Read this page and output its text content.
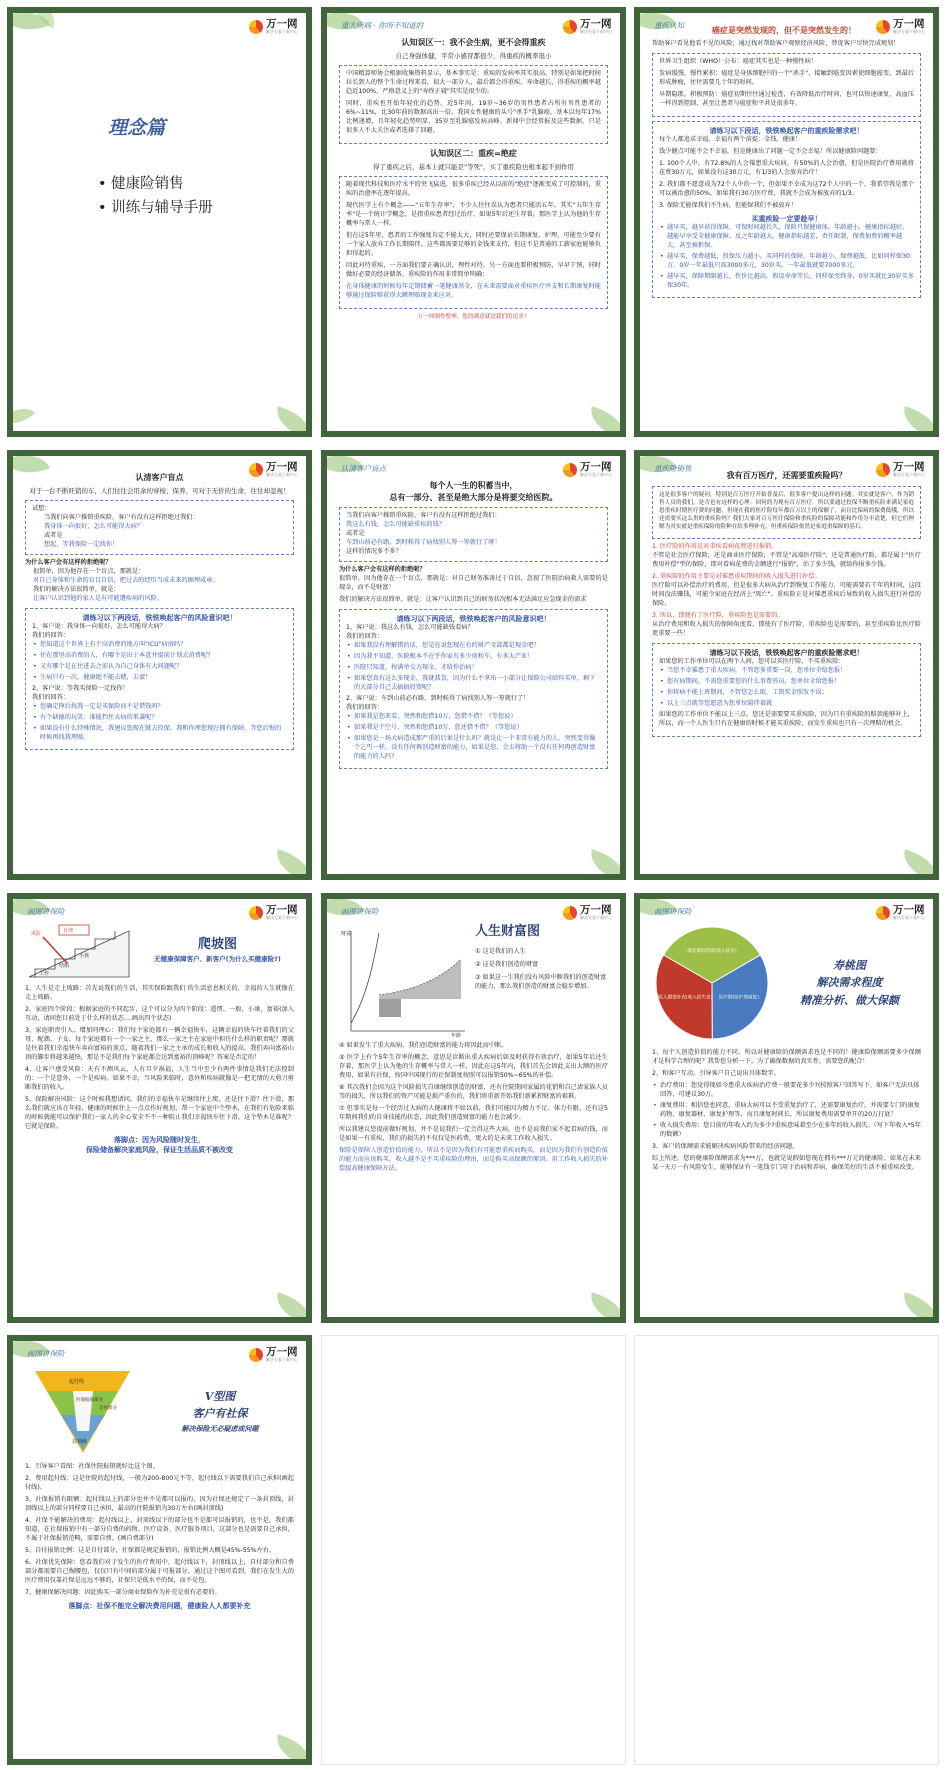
万一网
解决方案下载中心
理念篇
• 健康险销售
• 训练与辅导手册
重大疾病 · 你所不知道的	万一网
解决方案下载中心
认知误区一：我不会生病，更不会得重疾
自己身强体健，平常小感冒都很少，得重疾的概率很小
中国精算师协会根据收集资料显示，基本事实是：重疾的发病率其实很高。特别是如果把时间拉长到人的整个生命过程来看，很大一部分人，最后都会得重疾，寿命越长，得重疾的概率越趋近100%，严格意义上的"寿终正寝"其实是很少的。
同时，重疾也开始年轻化的趋势。近5年间，19岁~36岁的男性患者占所有男性患者的6%~11%，比30年前的数据高出一倍。我国女性健康的头号"杀手"乳腺癌，基本以每年17%比例递增，且年轻化趋势明显，35岁至乳腺癌发病高峰。新闻中会经常报及这些数据，只是很多人不太关注或者选择了回避。
认知误区二：重疾=绝症
得了重疾之后，基本上就只能是"等死"，买了重疾险也根本起不到作用
随着现代科技和医疗水平的突飞猛进，很多重疾已经从以前的"绝症"逐渐变成了可控制的，重疾的治愈率在逐年提高。
现代医学上有个概念——"五年生存率"，不少人往往误认为患者只能活五年，其实"五年生存率"是一个统计学概念，是指重疾患者经过治疗，如果5年后还生存着，那医学上认为他的生存概率与常人一样。
但在这5年里，患者的工作强度肯定不能太大，同时还要保证长期康复、护理，可能至少要有一个家人放弃工作长期陪伴。这些都需要足够的金钱来支持，但这不是普通的工薪家庭能够负担得起的。
因此对待重疾，一方面我们要正确认识，理性对待，另一方面也要积极预防，早早干预，同时做好必要的经济储备。重疾险的作用非常简单明确：
在身体健康的时候每年定期储蓄一笔健康基金，在未来需要面对重疾医疗并支和长期康复时能够通过保险赔获得大额理赔现金来应对。
万一网制作整理，您的满意就是我们的追求！
重疾认知	万一网
解决方案下载中心
癌症是突然发现的，但不是突然发生的！
帮助客户看见他看不见的风险，通过找对帮助客户观察经济风险，替促客户尽快完成规划！
世界卫生组织（WHO）公布：癌症其实也是一种慢性病！
发病缓慢，慢性累积：癌症是身体细胞中的一个"杀手"，接触到癌变因素使细胞癌变，到最后形成肿瘤，往往需要几十年的时间。
早期隐匿，积极预防：癌症初期往往通过检查，有效降低治疗时间，也可以快速康复、高血压一样得到控制，甚至让患者与癌症和平共处很多年。
请练习以下段话，铁铁唤起客户的重疾险需求吧！
每个人都追求幸福，幸福有两个前提：金钱、健康！
钱少健点可能不会不幸福，但是健康出了问题一定不会幸福！所以健康险问题要：
1. 100个人中，有72.8%的人会罹患重大疾病，有50%的人会治愈，但是医院治疗费用就将花费30万元，如果没有这30万元，有1/3的人会放弃治疗！
2. 我们都不愿意成为72个人中的一个，但如果不幸成为这72个人中的一个，我希望我是那个可以被治愈的50%，如果我有30万医疗费，我就不会成为被放弃的1/3。
3. 保险无能保我们不生病，但能保我们不被放弃！
买重疾险一定要趁早！
• 越早买，越早获得保障，可保时间越长久，保险只保健康体，年龄越小，健康指标越好，越能早享受全健康保障。反之年龄越大，健康指标越差，责任限制，保费加费的概率越大，甚至被拒保。
• 越早买，保费越低，投保压力越小。买同样的保障，年龄越小，保费越低，比如同样保30万，0岁一年最低只需3000多元，30岁买，一年最低就要7000多元。
• 越早买，保障期限越长，性价比越高。假设寿命等长，同样保至终身，0岁买就比30岁买多保30年。
万一网
解决方案下载中心
认清客户盲点
对于一台不断旺销的车，人们往往会用余的穿梭、保养、可对于无价的生命，往往却忽视！
试想：
当我们向客户推销重疾险，客户有没有这样拒绝过我们：
我身体一向很好，怎么可能得大病？
或者是
想起，等我保险一定找你！
为什么客户会有这样的拒绝呢？
很简单，因为他存在一个盲点，那就是：
对自己身体和生命的盲目自信，把过去的经历当成未来的顾理成章。
我们的解决方法很简单，就是：
让客户认识到他的家人是有可能遭疾病的风险。
请练习以下两段话，铁铁唤起客户的风险意识吧！
1、客户说：我身体一向很好，怎么可能得大病？
我们的回答：
• 您知道这个世界上有个高消费的地方叫"ICU"病房吗？
• 住在那里高消费的人，有哪个是出于本意并提前计划去消费呢？
• 又有哪个是在住进去之前认为自己身体有大问题呢？
• 生病只有一次，健康绝不能去赌，去蒙！
2、客户说：等我买保险一定找你！
我们的回答：
• 您确定挣后找我一定是买保险而不是借钱吗？
• 有个缺德的玩笑：谁能挡往大病的来袭呢？
• 如果没有什么特殊情况，我建议您现在就去投保，我和你理您现在拥有保障，等您后悔的时候再找我理赔。
认清客户盲点	万一网
解决方案下载中心
每个人一生的积蓄当中，
总有一部分、甚至是绝大部分是将要交给医院。
当我们向客户推销重疾险，客户有没有这样拒绝过我们：
我这么有钱，怎么可能缺重疾的钱？
或者是
车到山前必有路，到时候得了病找别人筹一筹就行了呀！
这样的情况多不多？
为什么客户会有这样的拒绝呢？
很简单，因为他存在一个盲点，那就是：对自己财务准备过于自信，忽视了医院治病救人需要的是现金，而不是财富！
我们的解决方法很简单，就是：让客户认识到自己的财务状况根本无法满足应急现金的需求
请练习以下两段话，铁铁唤起客户的风险意识吧！
1、客户说：我这么有钱，怎么可能缺钱看病？
我们的回答：
• 如果我没有理解错的话，您是在说您现在有的财产全部都是现金吧？
• 因为我不知道，医院根本不在乎你家有多少房和车，有多大产业！
• 医院只知道，按满单交方现金，才给你治病！
• 如果您真有这么多现金，我就恭喜，因为什么不拿出一小部分让保险公司给你买单，剩下的大部分自己去搞搞投资呢？
2、客户说：车到山前必有路，到时候得了病找别人筹一筹就行了！
我们的回答：
• 如果我是您来看，突然和您借10万，您借不借？（等您说）
• 如果我是个空号，突然和您借10万，您还借不借？（等您说）
• 如果您是一场大病造成那严重的后果是什么吗？就是让一个非常有能力的人，突然变得像个乞丐一样，没有任何再创造财富的能力，如果是您，会去将助一个没有任何再创造财富的能力的人吗？
重疾险销售	万一网
解决方案下载中心
我有百万医疗，还需要重疾险吗？
这是很多客户的疑问，特别是百万医疗开始普及后，很多客户提出这样的问题。其实就是客户，作为销售人员的我们，是否也有这样的心理：因何的为现有百万医疗，所以要通过投保不断重疾险来满足家庭患重疾时期医疗费的问题，但现在我的医疗险每年都百万以上的保额了，而且比保病的保费低哦，所以还需要买这么贵的重疾险吗？我们大家对百万医疗保险和重疾险的保障功能和作用分不清楚，但它们理解为其实就是重疾保险的险种在给多理补充，但重疾保险依然是家庭重保障的基石。
1. 医疗险的作用是对重疾看病花费进行报销。
不管是社会医疗保险，还是商业医疗保险，不管是"高端医疗险"，还是普通医疗险，都是属于"医疗费用补偿"型的保险，即对看病花费的金额进行"报销"，治了多少钱，就给你报多少钱。
2. 重疾险的作用主要是对罹患重疾期间的收入损失进行补偿。
医疗险可以补偿治疗的费用，但是很多大病从治疗到恢复工作能力，可能需要若干年的时间，这段时间没法赚钱，可能令家庭在经济上"死亡"。重疾险正是对罹患重疾后导致的收入损失进行补偿的保险。
3. 所以，即便有了医疗险，重疾险也是需要的。
从治疗费用和收入损失的保障角度看，即使有了医疗险，重疾险也是需要的，甚至重疾险比医疗险更重要一些！
请练习以下段话，铁铁唤起客户的重疾险需求吧！
如果您的工作单位可以在两个人间，您可以买医疗险，不买重疾险：
• 当您不幸罹患了重大疾病，不管您多重要一岗，您单位全给您报！
• 您有病期间，不需您重要您的什么事费养员，您单位全给您报！
• 你将病不能上班期间，不管您怎么歇，工资奖金照发不误；
• 以上三点就等您愿意为您单位陪伴着就
如果您的工作单位不能以上三点，您还是需要要买重疾险，因为只有重疾险的赔款能够补上，所以，而一个人医生只有在健康的时候才能买重疾险，而发生重疾也只有一次理赔的机会。
画图讲保险	万一网
解决方案下载中心
工作
结婚
小孩
风险	自理
爬坡图
无健康保障客户、新客户(为什么买健康险?)
1、人生是走上坡路：首先说我们的生活，其实保险跟我们 的生活息息相关的，幸福的人生就像在走上坡路。
2、家庭四个阶段：根据家庭的不同起步，这个可以分为四个阶段：遥愣、一般、小康、富裕(加入互动，请问您目前处于什么样的状态....画出四个状态)
3、家庭职责引入，增加同理心：我们每个家庭都有一辆幸福快车，这辆幸福的快车往着我们的父母、配偶、子女。每个家庭都有一个一家之主，那么一家之主在家庭中担任什么样的职责呢？那就是往着我们幸福快车奔向富裕的顶点，随着我们一家之主承的成长和收入的提高，我们奔向富裕山顶的脚步将越来越快，那是不是我们每个家庭都会达到富裕的顶峰呢？答案是否定的！
4、让客户感受风险：天有不测风云，人有旦夕祸福，人生当中至少有两件事情是我们无法控制的：一个是意外，一个是疾病。如果不幸，当风险来临时，意外和疾病就像是一把无情的大剪刀剪断我们的收入。
5、保险解决风险：这个时候我想请问，我们的幸福快车是继续往上爬，还是往下滑？往下滑，那么我们就应该在年轻、健康的时候往上一点点作好规划，帮一个家庭中个垫木，在我们有危险来临的时候就能可以保护我们一家人的全心安全不不一种阻止我们幸福快车往下滑。这个垫木是谁呢？它就是保险。
落脚点：因为风险随时发生，
保险储备解决家庭风险，保证生活品质不被改变
画图讲保险	万一网
解决方案下载中心
财富
年龄
人生财富图
① 这是我们的人生
② 这是我们创造的财富
③ 如果这一生我们没有风险中断我们的创造财富的能力，那么我们创造的财富会稳步增加。
④ 如果发生了重大疾病，我们创造财富的能力将因此而中断。
⑤ 医学上有个5年生存率的概念，意思是诊断出重大疾病后如及时获得有效治疗，如果5年后还生存着，那医学上认为他的生存概率与常人一样，因此在这5年内，我们首先会因此支出大额的医疗费用，如果有社保，按国中国现行的社保制度按照可以报销50%~65%的补偿。
⑥ 其次我们会因为这个风险损失自康继续创造的财富，还有住院期间家属的花销和自己请家族人员等的损失，所以我们的资产可能是损产重负的，我们将重新开始我们新累积财富的艰难。
⑦ 但事实是每一个经历过大病的人健康将不如以前，我们可能因为精力不足、体力有限，还有这5年期间我们的自身技能的状态，因此我们创造财富的能力也会减少。
所以我建议您提前做好规划，并不是说我们一定会得这些大病，也不是说我们家不起看病的钱，而是如果一有重疾，我们的损失的不仅仅是医药费，更大的是未来工作收入损失。
保险是保障人创造价值的能力，所以不是因为我们有可能患重疾而购买，而是因为我们有创造价值的能力而应该购买。收入越不是不买重疾险的理由，而是购买高保额的原因。用工作收入损失的补偿提高健康保障方法。
画图讲保险	万一网
解决方案下载中心
康复期间所需(收入损失)
治疗期间(护理康复)
收入期望补充(收入损失表)
寿桃图
解决需求程度
精准分析、做大保额
1、每个人创造价值的能力不同，所以对健康险的保额需求也是不同的！健康险保额需要多少保额才是科学合理的呢？我帮您分析一下，为了确保数据的真实性，需要您的配合！
2、和客户互动，引导客户自己说出具体数字。
• 治疗费用：您觉得现如今患重大疾病治疗费一般要花多少?(按照客户回答写下，如客户无法具体回答，可建议30万。
• 康复费用：相信您也同意，重病大病可以不受重复治疗了，还需要康复治疗，并需要专门的康复药物、康复器材、康复护理等，而且康复时间长，所以康复费用需要单开的20万打底！
• 收入损失费用：您目前的年收入约为多少?重疾意味着至少在多年的收入损失。（写下年收入*5年的数额）
3、客户的保额需求能解决疾病风险带来的经济问题。
综上所述，您的健康险保额需求为***万，也就是说假如您现在拥有***万元的健康险，如果在未来某一天万一有风险发生，能够保证有一笔钱专门用于治病和养病，确保美好的生活不被重疾改变。
画图讲保险	万一网
解决方案下载中心
起付线
医保报销部分
自付部分
封顶线
V型图
客户有社保
解决保险无必疑虑或问题
1、引导客户看图：社保住院报销就好比这个图。
2、费用起付线：这是住院的起付线，一般为200-800元不等，起付线以下需要我们自己承担(画起付线)。
3、社保报销有限额：起付线以上的部分也并不是都可以报的，因为社保还规定了一条封顶线，封顶线以上的部分同样要自己承担，最高的住院报销为30万左右(画封顶线)
4、社保不能解决的费用：起付线以上，封顶线以下的部分也不是都可以报销的，也不是，我们都知道，在社保报销中有一部分自费的药物、医疗设备、医疗服务项目，这部分也是需要自己承担，不属于社保报销范畴，需要自费。(画自费部分)
5、自付报销比例：这是自付部分，社保都是规定报销的，报销比例大概是45%-55%左右。
6、社保优先保障：您看我们对于发生的医疗费用中，起付线以下，封顶线以上，自付部分和自费部分都需要自己掏腰包，仅仅只有中间的部分属于可报部分，通过这个图可看到，我们在发生大的医疗费用仅靠社保是远远不够的，社保只是低水平的保，而不是包。
7、健康保解决问题：因此购买一部分商业保险作为补充是很有必要的。
落脚点：社保不能完全解决费用问题，健康险人人都要补充
